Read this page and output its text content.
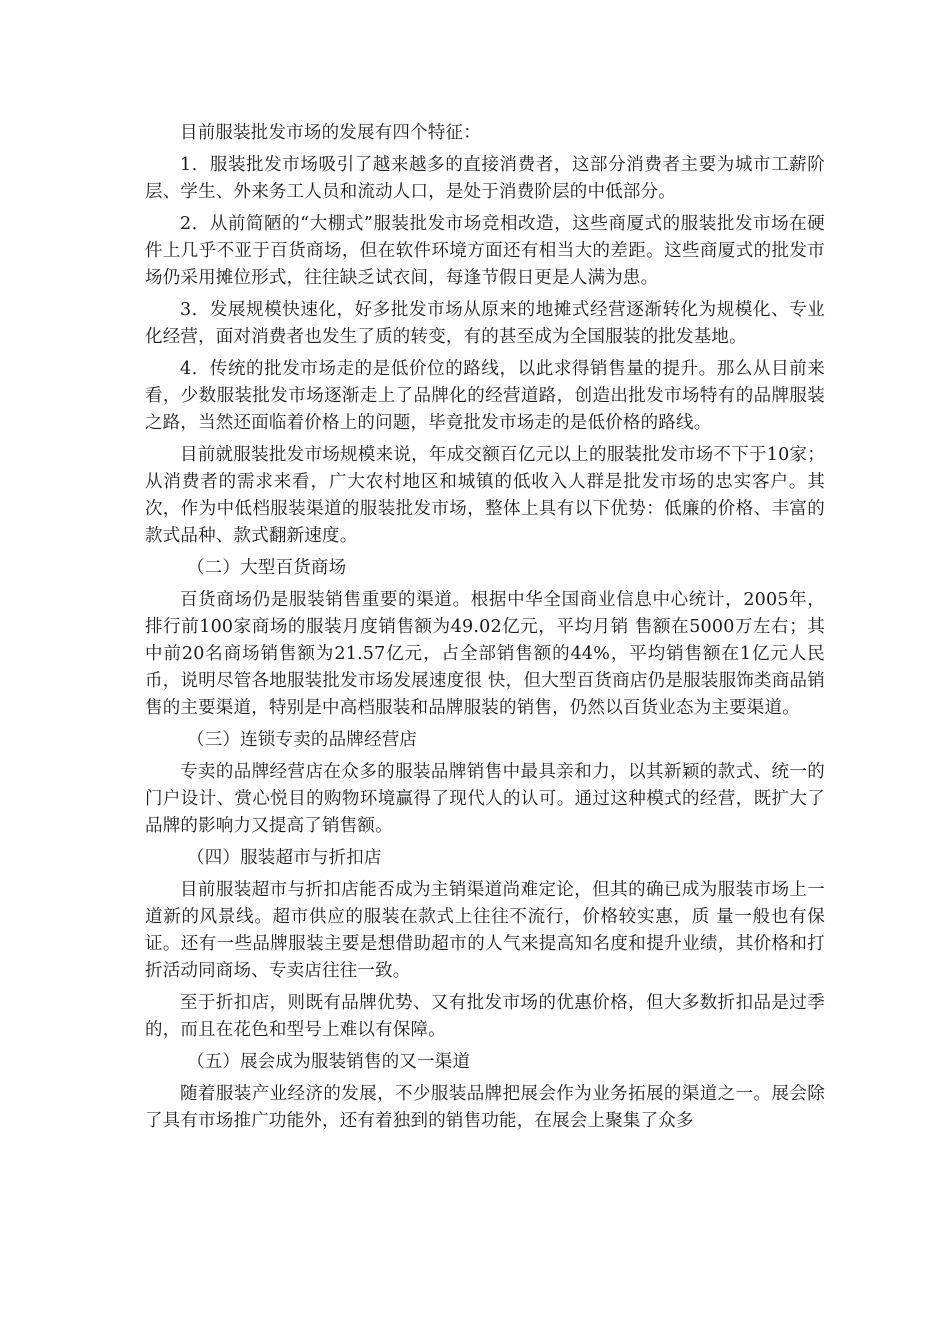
目前服装批发市场的发展有四个特征：

1．服装批发市场吸引了越来越多的直接消费者，这部分消费者主要为城市工薪阶层、学生、外来务工人员和流动人口，是处于消费阶层的中低部分。

2．从前简陋的“大棚式”服装批发市场竞相改造，这些商厦式的服装批发市场在硬件上几乎不亚于百货商场，但在软件环境方面还有相当大的差距。这些商厦式的批发市场仍采用摊位形式，往往缺乏试衣间，每逢节假日更是人满为患。

3．发展规模快速化，好多批发市场从原来的地摊式经营逐渐转化为规模化、专业化经营，面对消费者也发生了质的转变，有的甚至成为全国服装的批发基地。

4．传统的批发市场走的是低价位的路线，以此求得销售量的提升。那么从目前来看，少数服装批发市场逐渐走上了品牌化的经营道路，创造出批发市场特有的品牌服装之路，当然还面临着价格上的问题，毕竟批发市场走的是低价格的路线。

目前就服装批发市场规模来说，年成交额百亿元以上的服装批发市场不下于10家；从消费者的需求来看，广大农村地区和城镇的低收入人群是批发市场的忠实客户。其次，作为中低档服装渠道的服装批发市场，整体上具有以下优势：低廉的价格、丰富的款式品种、款式翻新速度。

（二）大型百货商场

百货商场仍是服装销售重要的渠道。根据中华全国商业信息中心统计，2005年，排行前100家商场的服装月度销售额为49.02亿元，平均月销 售额在5000万左右；其中前20名商场销售额为21.57亿元，占全部销售额的44%，平均销售额在1亿元人民币，说明尽管各地服装批发市场发展速度很 快，但大型百货商店仍是服装服饰类商品销售的主要渠道，特别是中高档服装和品牌服装的销售，仍然以百货业态为主要渠道。

（三）连锁专卖的品牌经营店

专卖的品牌经营店在众多的服装品牌销售中最具亲和力，以其新颖的款式、统一的门户设计、赏心悦目的购物环境赢得了现代人的认可。通过这种模式的经营，既扩大了品牌的影响力又提高了销售额。

（四）服装超市与折扣店

目前服装超市与折扣店能否成为主销渠道尚难定论，但其的确已成为服装市场上一道新的风景线。超市供应的服装在款式上往往不流行，价格较实惠，质 量一般也有保证。还有一些品牌服装主要是想借助超市的人气来提高知名度和提升业绩，其价格和打折活动同商场、专卖店往往一致。

至于折扣店，则既有品牌优势、又有批发市场的优惠价格，但大多数折扣品是过季的，而且在花色和型号上难以有保障。

（五）展会成为服装销售的又一渠道

随着服装产业经济的发展，不少服装品牌把展会作为业务拓展的渠道之一。展会除了具有市场推广功能外，还有着独到的销售功能，在展会上聚集了众多
